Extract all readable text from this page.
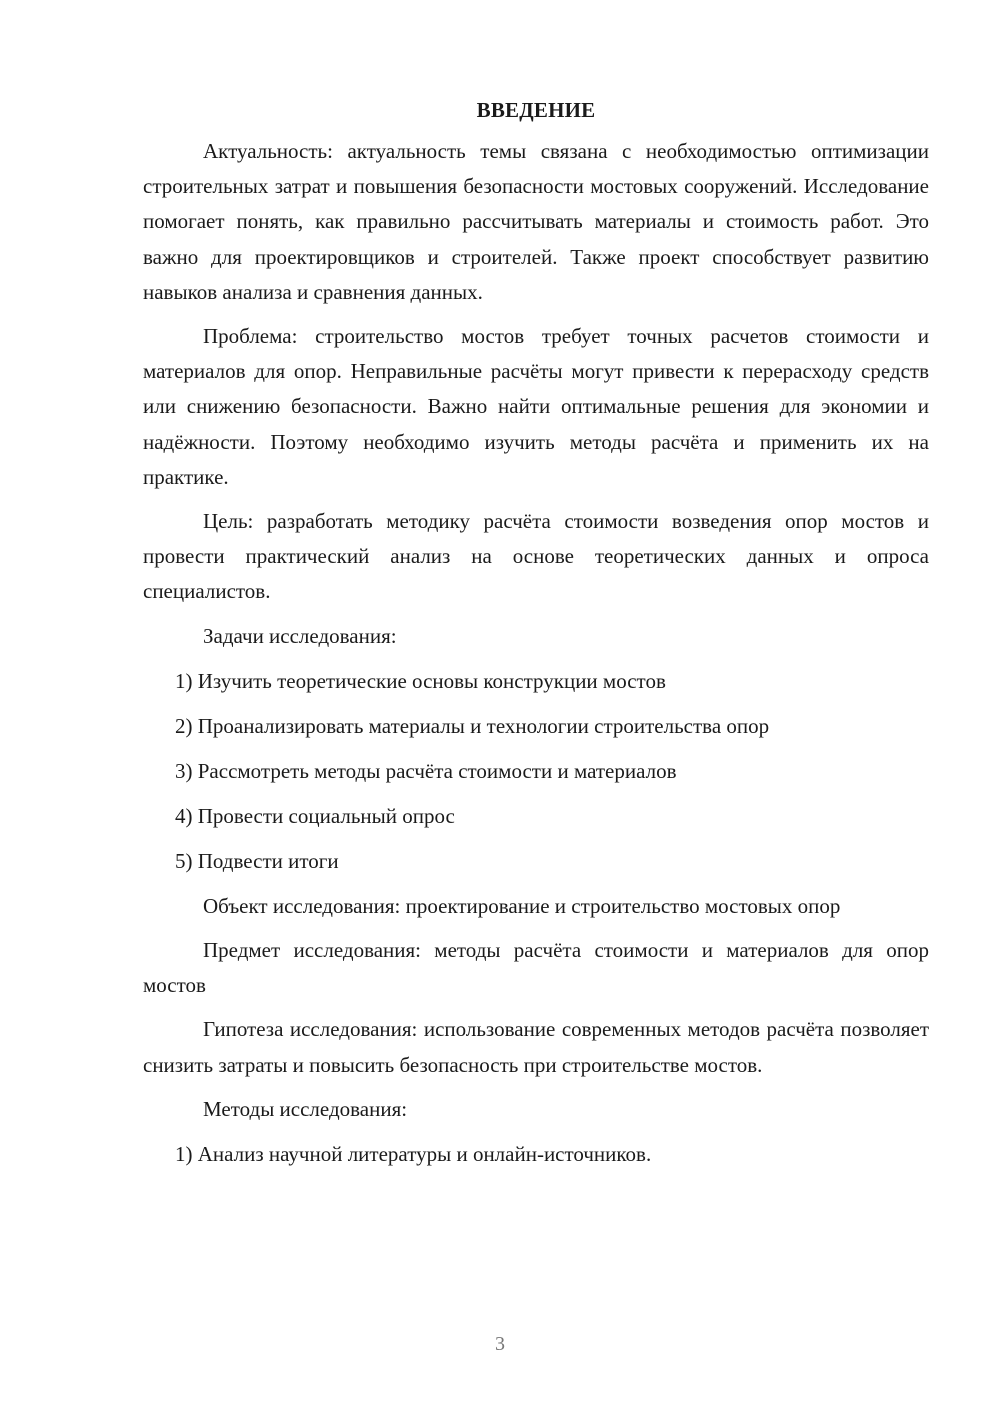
ВВЕДЕНИЕ

Актуальность: актуальность темы связана с необходимостью оптимизации строительных затрат и повышения безопасности мостовых сооружений. Исследование помогает понять, как правильно рассчитывать материалы и стоимость работ. Это важно для проектировщиков и строителей. Также проект способствует развитию навыков анализа и сравнения данных.

Проблема: строительство мостов требует точных расчетов стоимости и материалов для опор. Неправильные расчёты могут привести к перерасходу средств или снижению безопасности. Важно найти оптимальные решения для экономии и надёжности. Поэтому необходимо изучить методы расчёта и применить их на практике.

Цель: разработать методику расчёта стоимости возведения опор мостов и провести практический анализ на основе теоретических данных и опроса специалистов.

Задачи исследования:

1) Изучить теоретические основы конструкции мостов
2) Проанализировать материалы и технологии строительства опор
3) Рассмотреть методы расчёта стоимости и материалов
4) Провести социальный опрос
5) Подвести итоги

Объект исследования: проектирование и строительство мостовых опор

Предмет исследования: методы расчёта стоимости и материалов для опор мостов

Гипотеза исследования: использование современных методов расчёта позволяет снизить затраты и повысить безопасность при строительстве мостов.

Методы исследования:

1) Анализ научной литературы и онлайн-источников.
3
